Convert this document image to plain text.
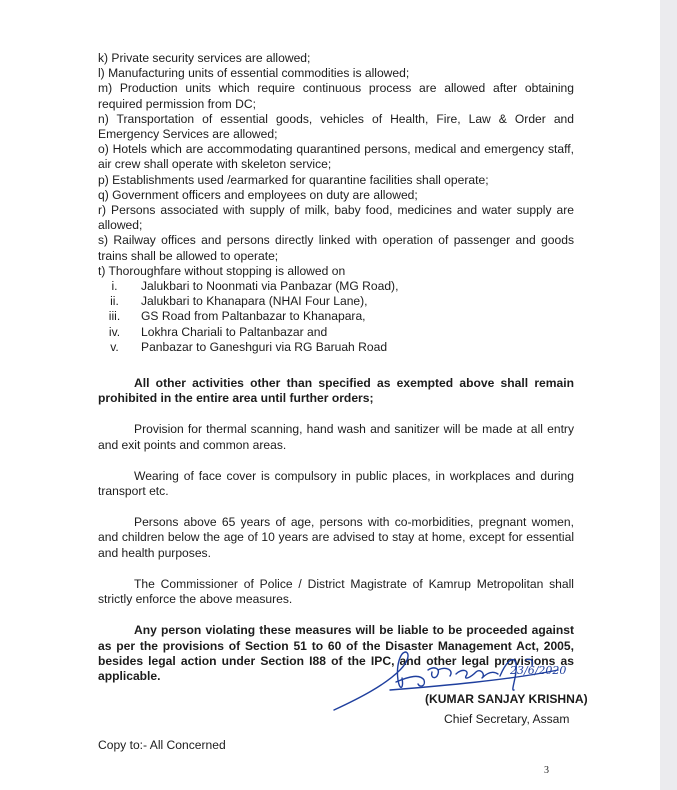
k) Private security services are allowed;

l) Manufacturing units of essential commodities is allowed;

m) Production units which require continuous process are allowed after obtaining required permission from DC;

n) Transportation of essential goods, vehicles of Health, Fire, Law & Order and Emergency Services are allowed;

o) Hotels which are accommodating quarantined persons, medical and emergency staff, air crew shall operate with skeleton service;

p) Establishments used /earmarked for quarantine facilities shall operate;

q) Government officers and employees on duty are allowed;

r) Persons associated with supply of milk, baby food, medicines and water supply are allowed;

s) Railway offices and persons directly linked with operation of passenger and goods trains shall be allowed to operate;

t) Thoroughfare without stopping is allowed on

i.	Jalukbari to Noonmati via Panbazar (MG Road),
ii.	Jalukbari to Khanapara (NHAI Four Lane),
iii.	GS Road from Paltanbazar to Khanapara,
iv.	Lokhra Chariali to Paltanbazar and
v.	Panbazar to Ganeshguri via RG Baruah Road

All other activities other than specified as exempted above shall remain prohibited in the entire area until further orders;

Provision for thermal scanning, hand wash and sanitizer will be made at all entry and exit points and common areas.

Wearing of face cover is compulsory in public places, in workplaces and during transport etc.

Persons above 65 years of age, persons with co-morbidities, pregnant women, and children below the age of 10 years are advised to stay at home, except for essential and health purposes.

The Commissioner of Police / District Magistrate of Kamrup Metropolitan shall strictly enforce the above measures.

Any person violating these measures will be liable to be proceeded against as per the provisions of Section 51 to 60 of the Disaster Management Act, 2005, besides legal action under Section I88 of the IPC, and other legal provisions as applicable.	23/6/2020
(KUMAR SANJAY KRISHNA)
Chief Secretary, Assam
Copy to:- All Concerned
3
